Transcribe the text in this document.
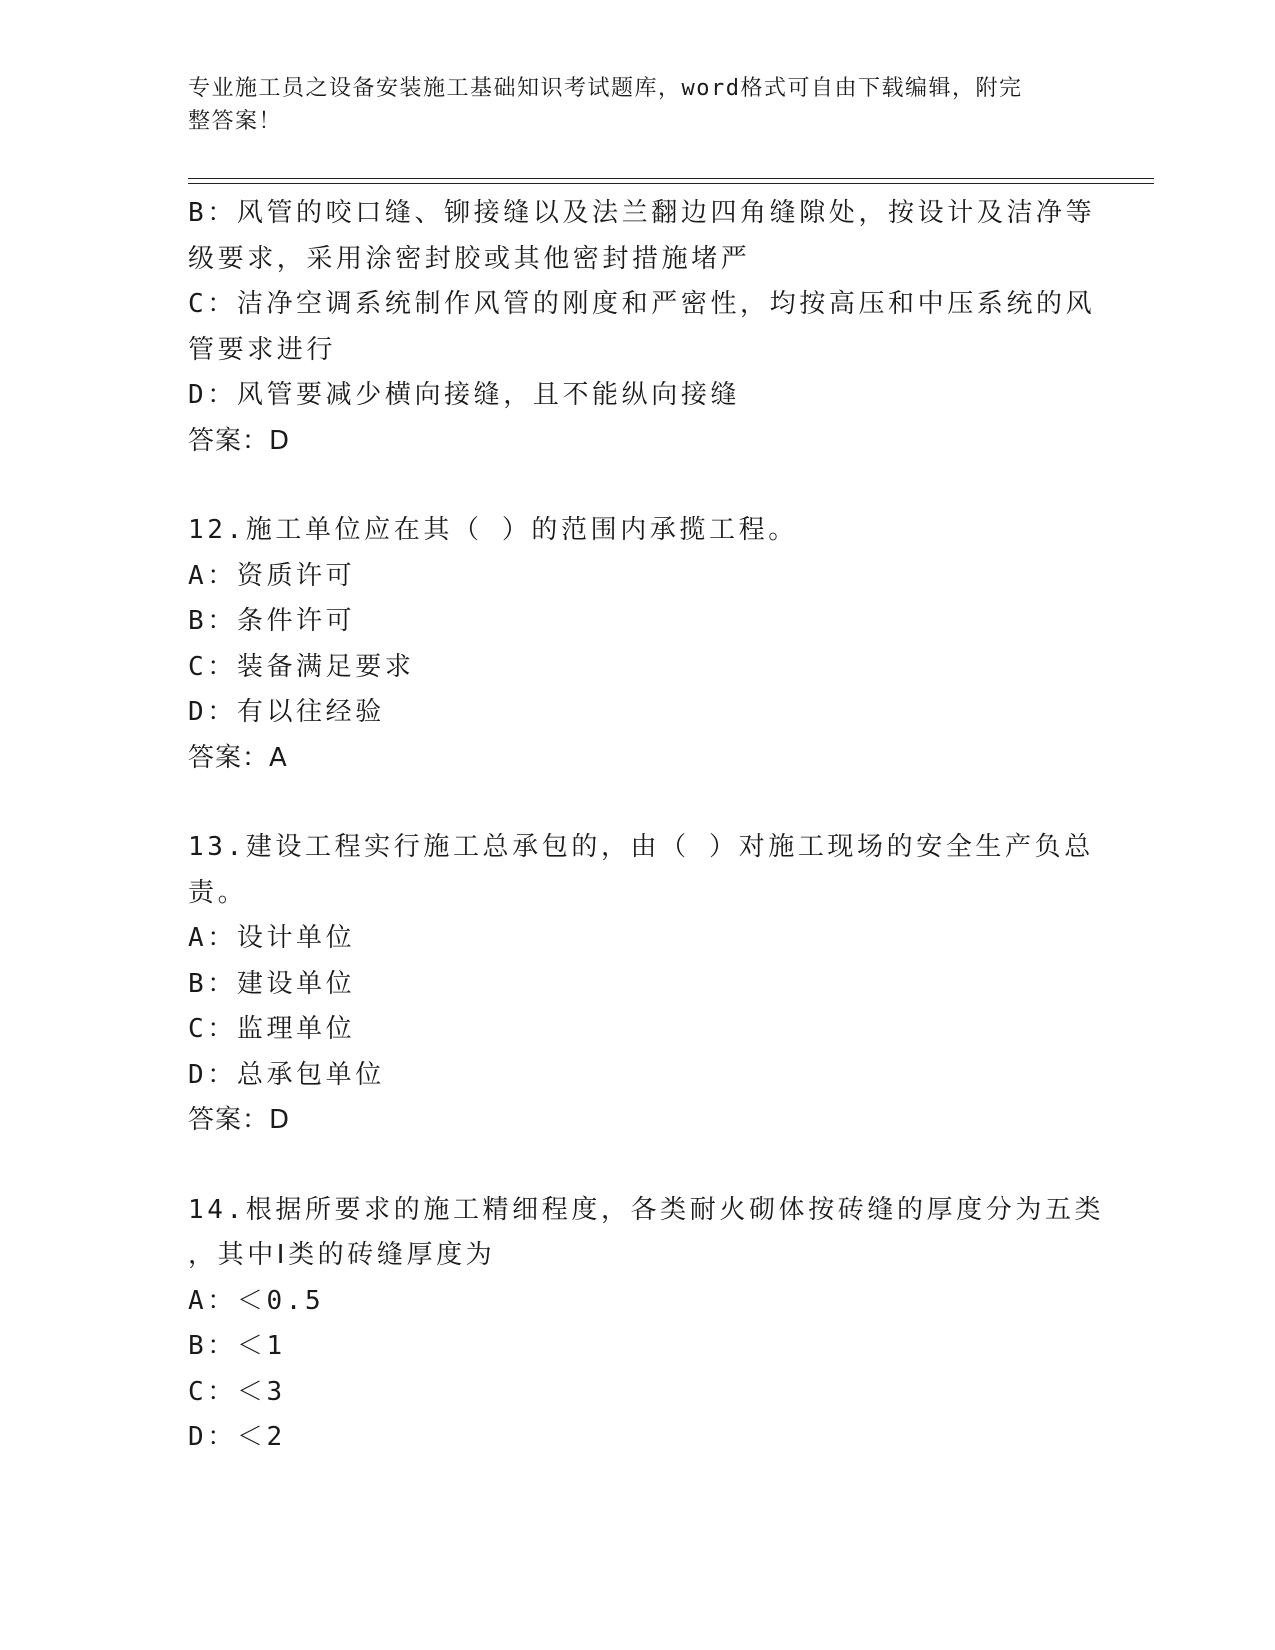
专业施工员之设备安装施工基础知识考试题库，word格式可自由下载编辑，附完
整答案！

B：风管的咬口缝、铆接缝以及法兰翻边四角缝隙处，按设计及洁净等

级要求，采用涂密封胶或其他密封措施堵严

C：洁净空调系统制作风管的刚度和严密性，均按高压和中压系统的风

管要求进行

D：风管要减少横向接缝，且不能纵向接缝

答案：D

12.施工单位应在其（ ）的范围内承揽工程。

A：资质许可

B：条件许可

C：装备满足要求

D：有以往经验

答案：A

13.建设工程实行施工总承包的，由（ ）对施工现场的安全生产负总

责。

A：设计单位

B：建设单位

C：监理单位

D：总承包单位

答案：D

14.根据所要求的施工精细程度，各类耐火砌体按砖缝的厚度分为五类

，其中Ⅰ类的砖缝厚度为

A：＜0.5

B：＜1

C：＜3

D：＜2
